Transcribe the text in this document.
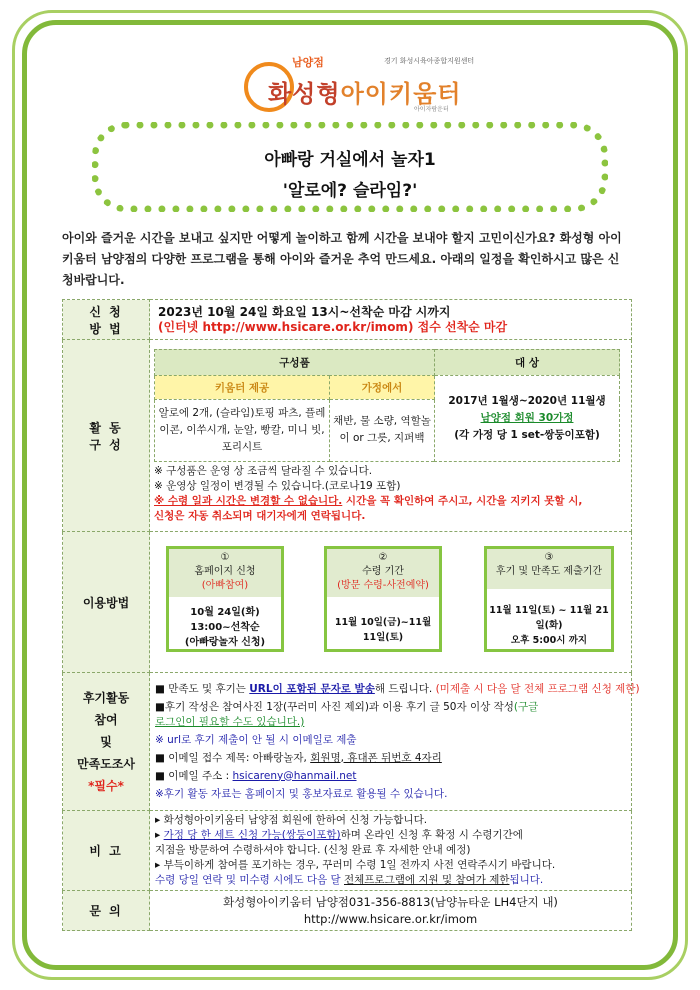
남양점	경기 화성시육아종합지원센터
화성형아이키움터
아이자람운터
아빠랑 거실에서 놀자1
'알로에? 슬라임?'
아이와 즐거운 시간을 보내고 싶지만 어떻게 놀이하고 함께 시간을 보내야 할지 고민이신가요? 화성형 아이키움터 남양점의 다양한 프로그램을 통해 아이와 즐거운 추억 만드세요. 아래의 일정을 확인하시고 많은 신청바랍니다.
신 청
방 법

2023년 10월 24일 화요일 13시~선착순 마감 시까지
(인터넷 http://www.hsicare.or.kr/imom) 접수 선착순 마감

활 동
구 성

구성품	대 상
키움터 제공	가정에서	
2017년 1월생~2020년 11월생
남양점 회원 30가정
(각 가정 당 1 set-쌍둥이포함)

알로에 2개, (슬라임)토핑 파츠, 플레이콘, 이쑤시개, 눈알, 빵칼, 미니 빗, 포리시트	채반, 물 소량, 역할놀이 or 그릇, 지퍼백
※ 구성품은 운영 상 조금씩 달라질 수 있습니다.
※ 운영상 일정이 변경될 수 있습니다.(코로나19 포함)
※ 수령 일과 시간은 변경할 수 없습니다. 시간을 꼭 확인하여 주시고, 시간을 지키지 못할 시,
신청은 자동 취소되며 대기자에게 연락됩니다.

이용방법	
①
홈페이지 신청
(아빠참여)
10월 24일(화)
13:00~선착순
(아빠랑놀자 신청)
②
수령 기간
(방문 수령-사전예약)
11월 10일(금)~11월 11일(토)
③
후기 및 만족도 제출기간
11월 11일(토) ~ 11월 21일(화)
오후 5:00시 까지

후기활동
참여
및
만족도조사
*필수*

■ 만족도 및 후기는 URL이 포함된 문자로 발송해 드립니다. (미제출 시 다음 달 전체 프로그램 신청 제한)
■후기 작성은 참여사진 1장(꾸러미 사진 제외)과 이용 후기 글 50자 이상 작성(구글
로그인이 필요할 수도 있습니다.)
※ url로 후기 제출이 안 될 시 이메일로 제출
■ 이메일 접수 제목: 아빠랑놀자, 회원명, 휴대폰 뒤번호 4자리
■ 이메일 주소 : hsicareny@hanmail.net
※후기 활동 자료는 홈페이지 및 홍보자료로 활용될 수 있습니다.

비 고	
▸ 화성형아이키움터 남양점 회원에 한하여 신청 가능합니다.
▸ 가정 당 한 세트 신청 가능(쌍둥이포함)하며 온라인 신청 후 확정 시 수령기간에
지점을 방문하여 수령하셔야 합니다. (신청 완료 후 자세한 안내 예정)
▸ 부득이하게 참여를 포기하는 경우, 꾸러미 수령 1일 전까지 사전 연락주시기 바랍니다.
수령 당일 연락 및 미수령 시에도 다음 달 전체프로그램에 지원 및 참여가 제한됩니다.

문 의	
화성형아이키움터 남양점031-356-8813(남양뉴타운 LH4단지 내)
http://www.hsicare.or.kr/imom
